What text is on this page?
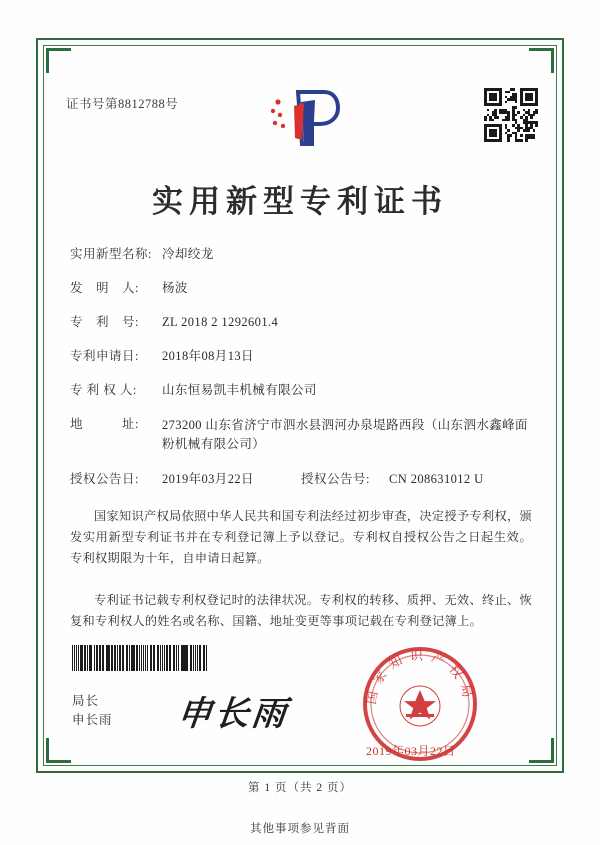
证书号第8812788号
实用新型专利证书
实用新型名称: 冷却绞龙
发　明　人:	杨波
专　利　号:	ZL 2018 2 1292601.4
专利申请日:	2018年08月13日
专 利 权 人:	山东恒易凯丰机械有限公司
地　　　址:	273200 山东省济宁市泗水县泗河办泉堤路西段（山东泗水鑫峰面粉机械有限公司）
授权公告日:	2019年03月22日	授权公告号:	CN 208631012 U
国家知识产权局依照中华人民共和国专利法经过初步审查，决定授予专利权，颁发实用新型专利证书并在专利登记簿上予以登记。专利权自授权公告之日起生效。专利权期限为十年，自申请日起算。
专利证书记载专利权登记时的法律状况。专利权的转移、质押、无效、终止、恢复和专利权人的姓名或名称、国籍、地址变更等事项记载在专利登记簿上。
局长
申长雨 申长雨	国家知识产权局
2019年03月22日
第 1 页（共 2 页）
其他事项参见背面
